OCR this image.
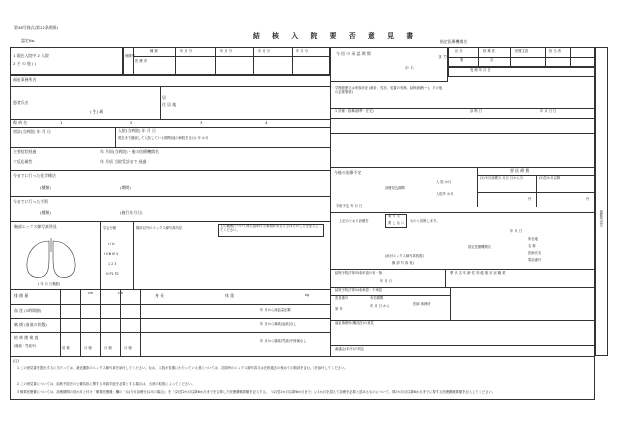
第38号様式(第12条関係)
認定No.
結 核 入 院 要 否 意 見 書
指定医療機関名
1 現在入院中 2 入院
2 そ の 他 ( )
保険等
種 類	年 月 分	年 月 分	年 月 分	年 月 分
医 療 券
今 回 の 承 認 期 間
か ら
ま で
区 分	指 導 医	医療主査	担 当 者
要	否
受 理 年 月 日
福祉事務所名
患者氏名
( 生) 歳
居
住 居 地
傷 病 名	1	2	3	4
初診(当病院) 年 月 日	入院(当病院) 年 月 日
現在まで継続して入院している期間(他の病院を含む) 年 か月
主要症状経過	年 月頃(当病院)・他の医療機関名
ツ反応属性	年 月頃 当院受診まで 経過
今までに行った化学療法
(種類)	(期間)
今までに行った手術
(種類)	(施行年月日)
胸部エックス線写真所見
( 年 月 日撮影)
学会分類
r l b
Ⅰ Ⅱ Ⅲ Ⅳ Ⅴ
1 2 3
H P1 P2
胸部以外のエックス線写真所見	上の範囲について特に説明する事項があるときはそのことを記入してください。
排 菌 量	身 長
cm	cm	kg
体 重
血 沈 (1時間値)	年 月から流血量記載
喀 痰 (血液の状態)	年 月から喀痰(血痕)なし
結 核 菌 検 査
(喀痰・胃液中)	培 養	月 個	月 個	月 個
年 月から喀痰(胃液)中排菌なし
学歴経歴又は家族状況 (統計、性状、処置の有無、結核病歴(ー)、その他の必要事項)
1 評価・指導(基準・在宅)	診 断 日	年 月 日 日
今後の治療予定
診療見込期間
入 院 か月
入院外 か月
要 医 療 費
(1)今月診療分 月日 日から分	(2)翌か月以降
円	円
手術予定 年 月 日
上記のとおり診療を
要 す る
要 し な い ものと診断します。
年 月 日
指定医療機関名
所在地
名 称
医師氏名
電話番号
(添付エックス線写真枚数)
胸 部 写 真 枚)
結核予防法第35条申請の有・無
年 月 日
摩 氏 名 年 齢 性 別 健 康 状 況 職 業
結核予防法第34条承認・不承認
患者番号	有効期間
第 号
年 月 日 から	医師 事務所
福祉事務所(嘱託医)の意見
審議会(本庁)の判定
保健所決定
(注)
1 この意見書を提出するに当たっては、最近撮影のエックス線写真を添付してください。なお、入院が長期にわたっている者については、初診時のエックス線写真又は比較過去の極めての胸部を含む。)を添付してください。
2 この意見書については、結核予防法の公費負担に関する申請手続を必要とする場合は、当該の取扱によってください。
3 概算医療費については、診療期間の初か月と付け「概算医療費」欄の「(1)今月診療分(1月の場合)」を「(2)翌2か月以降6か月までを合算した医療費概算額を記入する。「(2)翌2か月以降6か月まで」に1か月を超えて診療を必要と認めるものについて、第2か月目以降6か月までに要する医療費概算額を記入してください。
